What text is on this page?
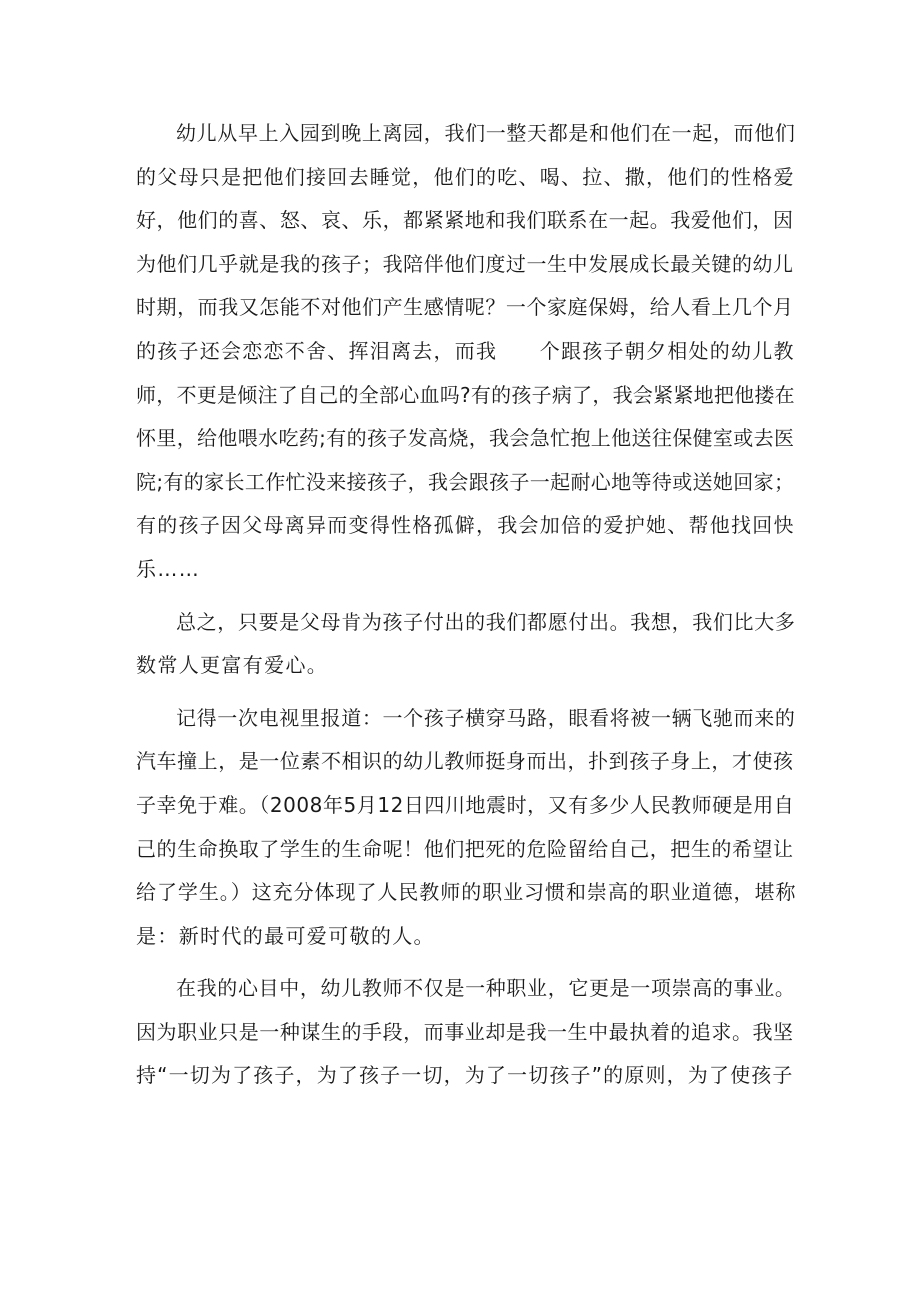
幼儿从早上入园到晚上离园，我们一整天都是和他们在一起，而他们
的父母只是把他们接回去睡觉，他们的吃、喝、拉、撒，他们的性格爱
好，他们的喜、怒、哀、乐，都紧紧地和我们联系在一起。我爱他们，因
为他们几乎就是我的孩子；我陪伴他们度过一生中发展成长最关键的幼儿
时期，而我又怎能不对他们产生感情呢？一个家庭保姆，给人看上几个月
的孩子还会恋恋不舍、挥泪离去，而我　　个跟孩子朝夕相处的幼儿教
师，不更是倾注了自己的全部心血吗?有的孩子病了，我会紧紧地把他搂在
怀里，给他喂水吃药;有的孩子发高烧，我会急忙抱上他送往保健室或去医
院;有的家长工作忙没来接孩子，我会跟孩子一起耐心地等待或送她回家；
有的孩子因父母离异而变得性格孤僻，我会加倍的爱护她、帮他找回快
乐……
总之，只要是父母肯为孩子付出的我们都愿付出。我想，我们比大多
数常人更富有爱心。
记得一次电视里报道：一个孩子横穿马路，眼看将被一辆飞驰而来的
汽车撞上，是一位素不相识的幼儿教师挺身而出，扑到孩子身上，才使孩
子幸免于难。（2008年5月12日四川地震时，又有多少人民教师硬是用自
己的生命换取了学生的生命呢！他们把死的危险留给自己，把生的希望让
给了学生。）这充分体现了人民教师的职业习惯和崇高的职业道德，堪称
是：新时代的最可爱可敬的人。
在我的心目中，幼儿教师不仅是一种职业，它更是一项崇高的事业。
因为职业只是一种谋生的手段，而事业却是我一生中最执着的追求。我坚
持“一切为了孩子，为了孩子一切，为了一切孩子”的原则，为了使孩子
